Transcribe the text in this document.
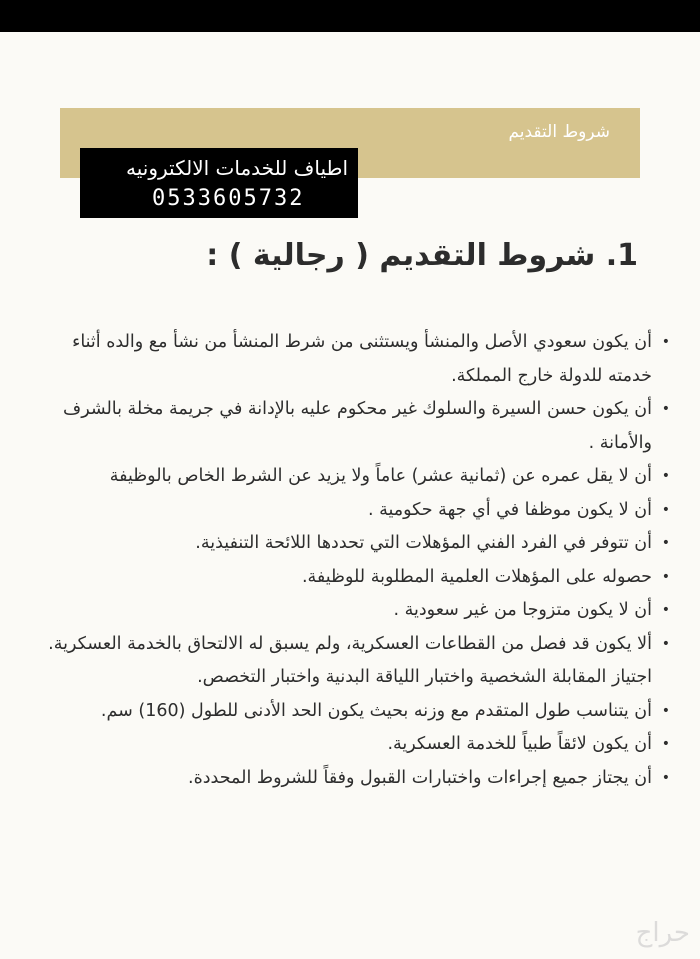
شروط التقديم
اطياف للخدمات الالكترونيه
0533605732
1. شروط التقديم ( رجالية ) :
•
أن يكون سعودي الأصل والمنشأ ويستثنى من شرط المنشأ من نشأ مع والده أثناء خدمته للدولة خارج المملكة.
•
أن يكون حسن السيرة والسلوك غير محكوم عليه بالإدانة في جريمة مخلة بالشرف والأمانة .
•
أن لا يقل عمره عن (ثمانية عشر) عاماً ولا يزيد عن الشرط الخاص بالوظيفة
•
أن لا يكون موظفا في أي جهة حكومية .
•
أن تتوفر في الفرد الفني المؤهلات التي تحددها اللائحة التنفيذية.
•
حصوله على المؤهلات العلمية المطلوبة للوظيفة.
•
أن لا يكون متزوجا من غير سعودية .
•
ألا يكون قد فصل من القطاعات العسكرية، ولم يسبق له الالتحاق بالخدمة العسكرية. اجتياز المقابلة الشخصية واختبار اللياقة البدنية واختبار التخصص.
•
أن يتناسب طول المتقدم مع وزنه بحيث يكون الحد الأدنى للطول (160) سم.
•
أن يكون لائقاً طبياً للخدمة العسكرية.
•
أن يجتاز جميع إجراءات واختبارات القبول وفقاً للشروط المحددة.
حراج
